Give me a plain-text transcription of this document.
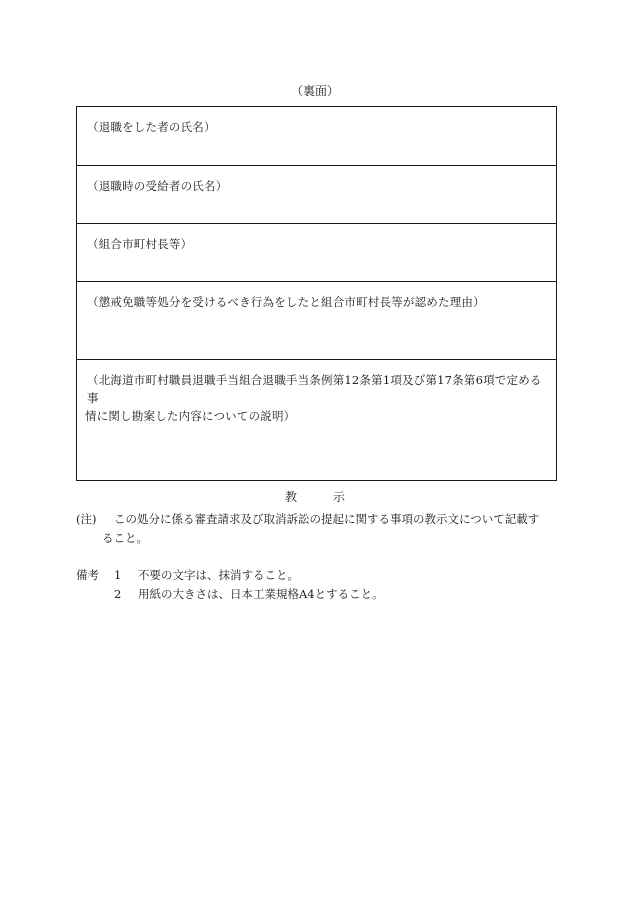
（裏面）
（退職をした者の氏名）
（退職時の受給者の氏名）
（組合市町村長等）
（懲戒免職等処分を受けるべき行為をしたと組合市町村長等が認めた理由）
（北海道市町村職員退職手当組合退職手当条例第12条第1項及び第17条第6項で定める事
情に関し勘案した内容についての説明）
教	示
(注)	この処分に係る審査請求及び取消訴訟の提起に関する事項の教示文について記載す
ること。
備考	1	不要の文字は、抹消すること。
2	用紙の大きさは、日本工業規格A4とすること。
